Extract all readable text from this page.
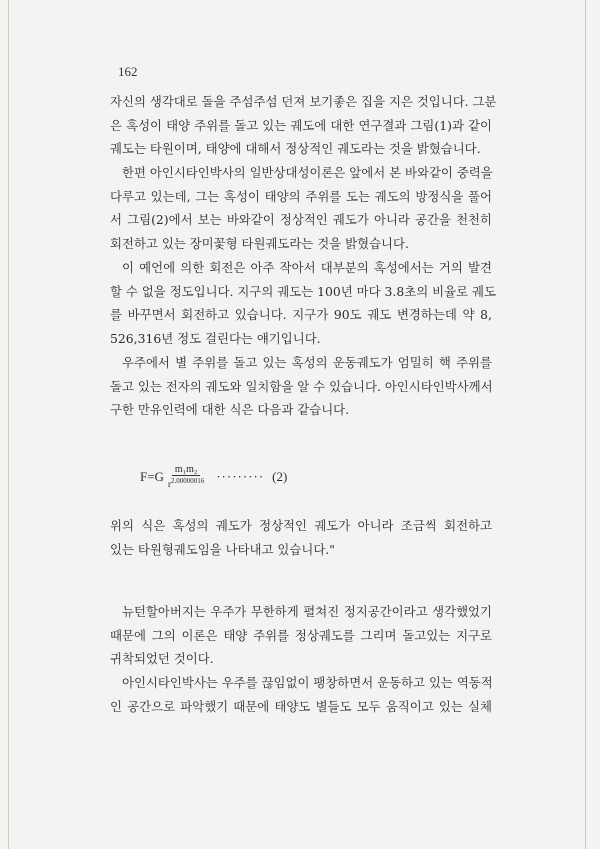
162
자신의 생각대로 돌을 주섬주섬 던져 보기좋은 집을 지은 것입니다. 그분
은 혹성이 태양 주위를 돌고 있는 궤도에 대한 연구결과 그림(1)과 같이
궤도는 타원이며, 태양에 대해서 정상적인 궤도라는 것을 밝혔습니다.
한편 아인시타인박사의 일반상대성이론은 앞에서 본 바와같이 중력을
다루고 있는데, 그는 혹성이 태양의 주위를 도는 궤도의 방정식을 풀어
서 그림(2)에서 보는 바와같이 정상적인 궤도가 아니라 공간을 천천히
회전하고 있는 장미꽃형 타원궤도라는 것을 밝혔습니다.
이 예언에 의한 회전은 아주 작아서 대부분의 혹성에서는 거의 발견
할 수 없을 정도입니다. 지구의 궤도는 100년 마다 3.8초의 비율로 궤도
를 바꾸면서 회전하고 있습니다. 지구가 90도 궤도 변경하는데 약 8,
526,316년 정도 걸린다는 얘기입니다.
우주에서 별 주위를 돌고 있는 혹성의 운동궤도가 엄밀히 핵 주위를
돌고 있는 전자의 궤도와 일치함을 알 수 있습니다. 아인시타인박사께서
구한 만유인력에 대한 식은 다음과 같습니다.
$F=G \frac{\text{m₁m₂}}{r^{2.00000016}}$ ········· (2)
위의 식은 혹성의 궤도가 정상적인 궤도가 아니라 조금씩 회전하고
있는 타원형궤도임을 나타내고 있습니다."
뉴턴할아버지는 우주가 무한하게 펼쳐진 정지공간이라고 생각했었기
때문에 그의 이론은 태양 주위를 정상궤도를 그리며 돌고있는 지구로
귀착되었던 것이다.
아인시타인박사는 우주를 끊임없이 팽창하면서 운동하고 있는 역동적
인 공간으로 파악했기 때문에 태양도 별들도 모두 움직이고 있는 실체
